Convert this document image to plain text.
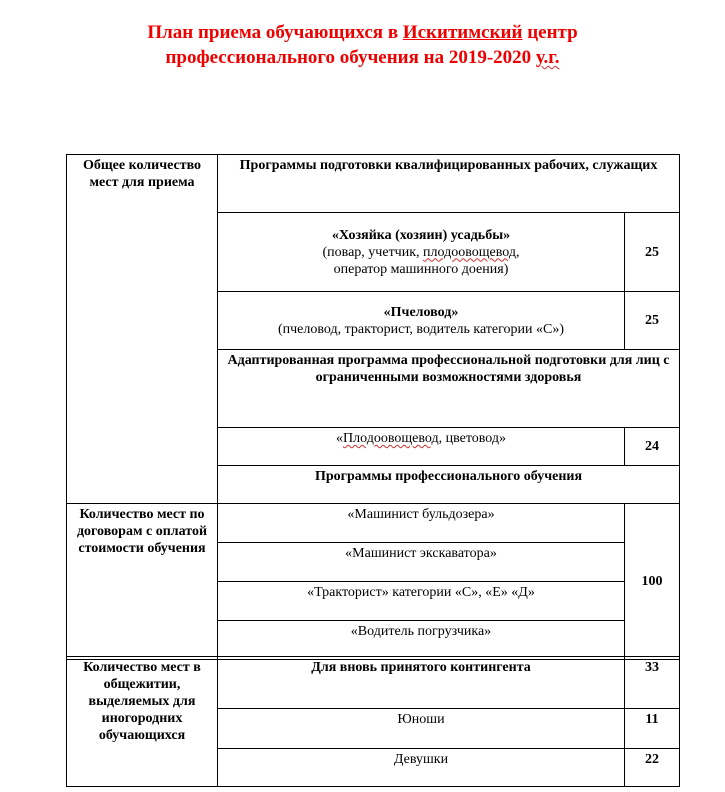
План приема обучающихся в Искитимский центр
профессионального обучения на 2019-2020 у.г.
Общее количество мест для приема	Программы подготовки квалифицированных рабочих, служащих	

	«Хозяйка (хозяин) усадьбы»
(повар, учетчик, плодоовощевод,
оператор машинного доения)	25

	«Пчеловод»
(пчеловод, тракторист, водитель категории «С»)	25
	Адаптированная программа профессиональной подготовки для лиц с ограниченными возможностями здоровья	
	«Плодоовощевод, цветовод»	24
	Программы профессионального обучения	
Количество мест по договорам с оплатой стоимости обучения	«Машинист бульдозера»	100
	«Машинист экскаватора»	
	«Тракторист» категории «С», «Е» «Д»	
	«Водитель погрузчика»	
Количество мест в общежитии, выделяемых для иногородних обучающихся	Для вновь принятого контингента	33
	Юноши	11
	Девушки	22
